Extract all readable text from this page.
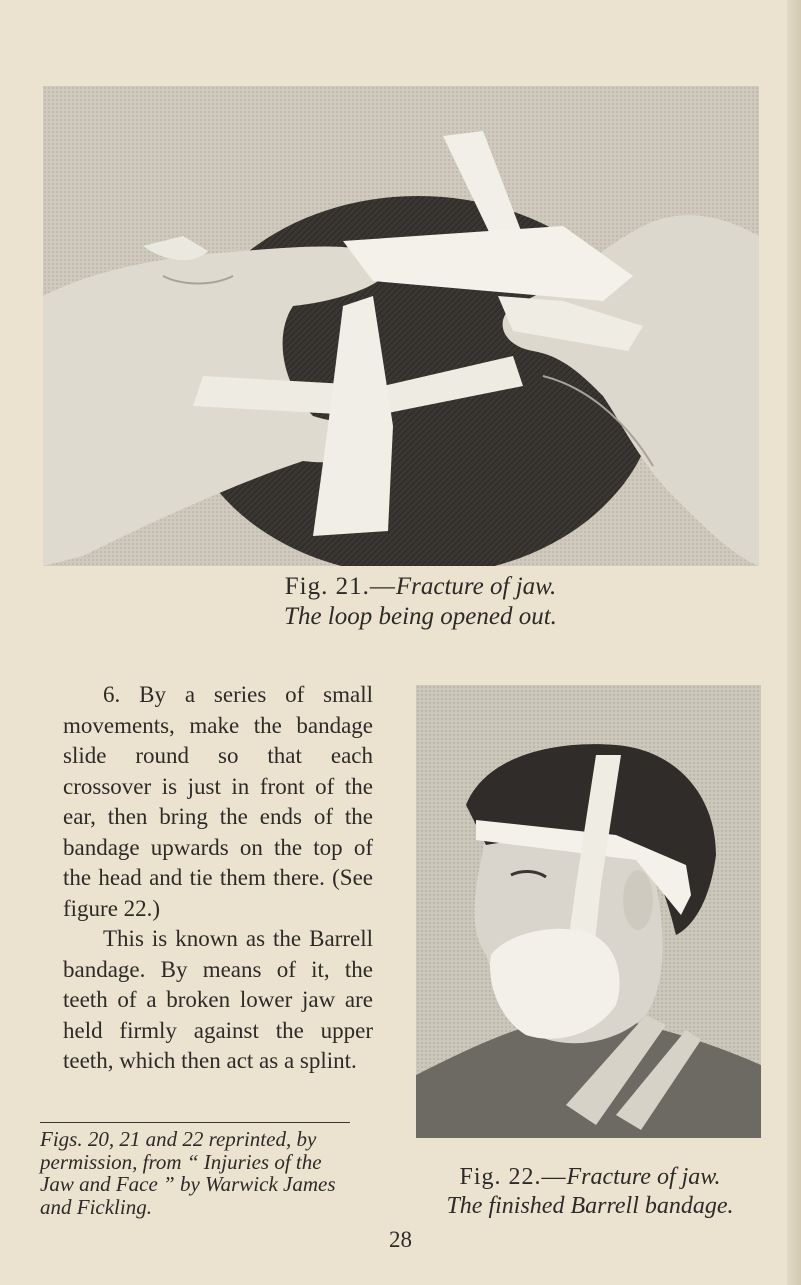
Fig. 21.—Fracture of jaw.
The loop being opened out.

6. By a series of small movements, make the bandage slide round so that each crossover is just in front of the ear, then bring the ends of the bandage upwards on the top of the head and tie them there. (See figure 22.)

This is known as the Barrell bandage. By means of it, the teeth of a broken lower jaw are held firmly against the upper teeth, which then act as a splint.

Figs. 20, 21 and 22 reprinted, by
permission, from “ Injuries of the
Jaw and Face ” by Warwick James
and Fickling.
Fig. 22.—Fracture of jaw.
The finished Barrell bandage.
28
